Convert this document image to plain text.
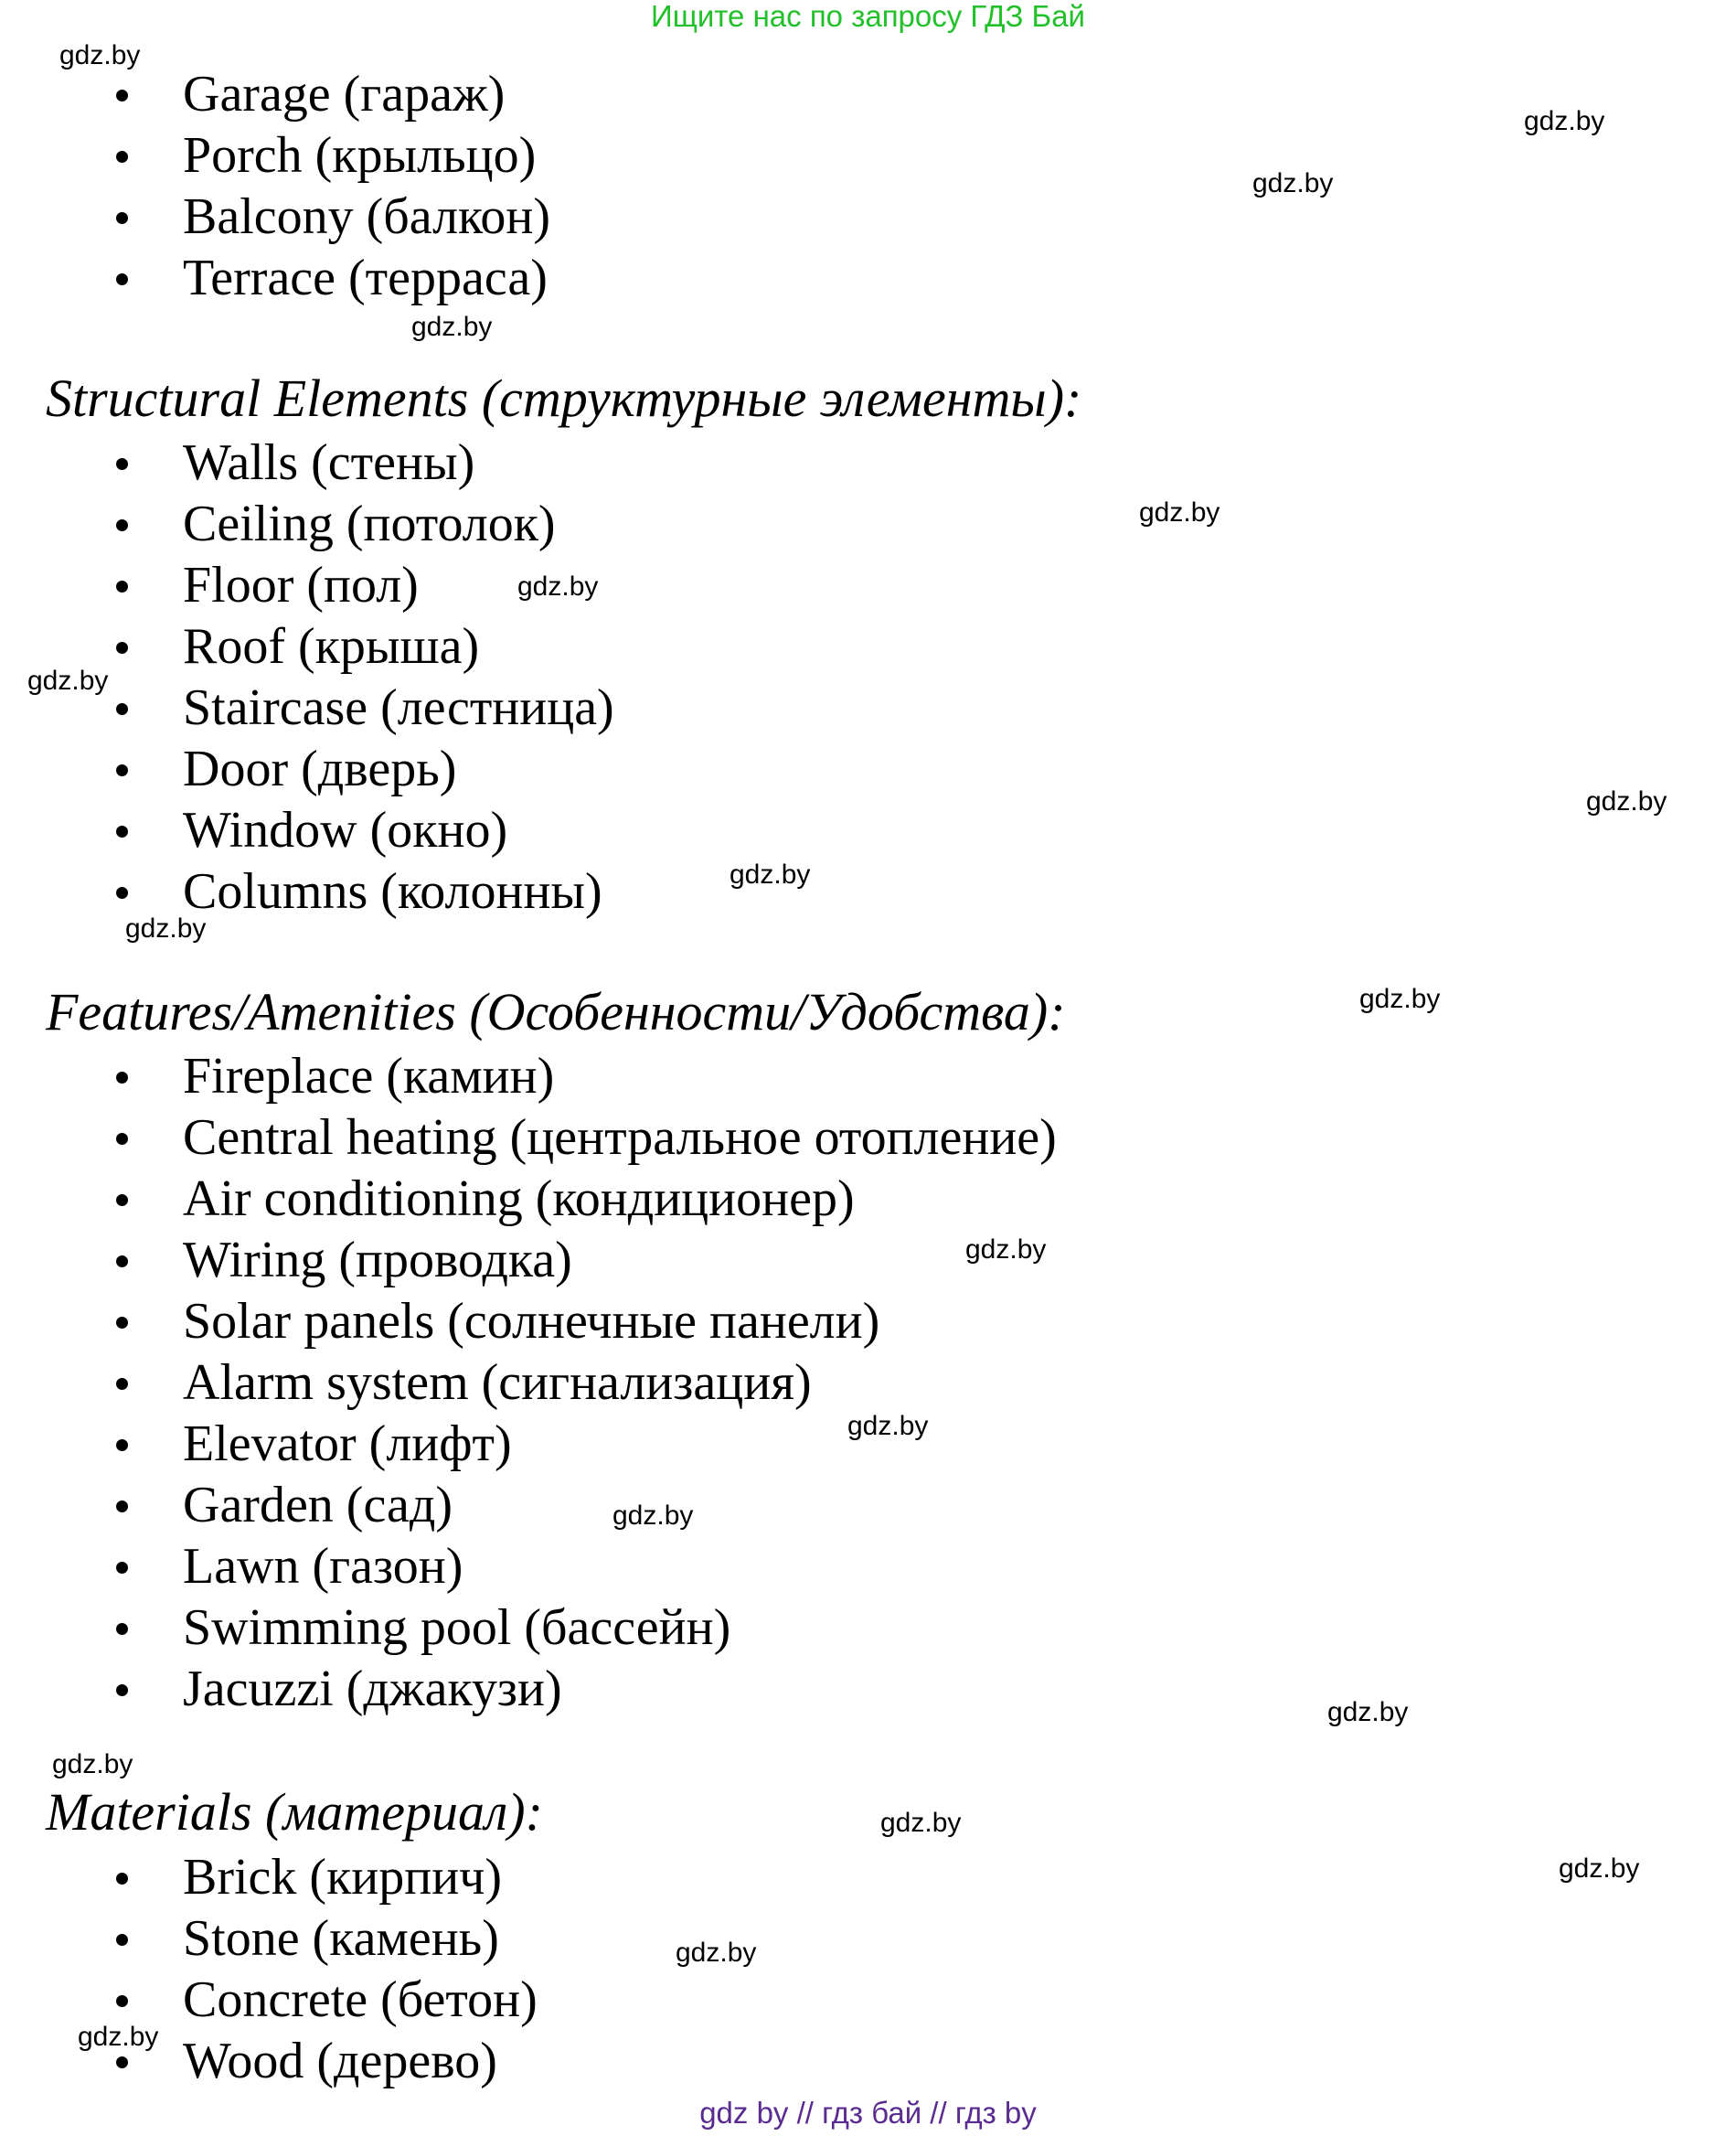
Ищите нас по запросу ГДЗ Бай
Garage (гараж)
Porch (крыльцо)
Balcony (балкон)
Terrace (терраса)
Structural Elements (структурные элементы):
Walls (стены)
Ceiling (потолок)
Floor (пол)
Roof (крыша)
Staircase (лестница)
Door (дверь)
Window (окно)
Columns (колонны)
Features/Amenities (Особенности/Удобства):
Fireplace (камин)
Central heating (центральное отопление)
Air conditioning (кондиционер)
Wiring (проводка)
Solar panels (солнечные панели)
Alarm system (сигнализация)
Elevator (лифт)
Garden (сад)
Lawn (газон)
Swimming pool (бассейн)
Jacuzzi (джакузи)
Materials (материал):
Brick (кирпич)
Stone (камень)
Concrete (бетон)
Wood (дерево)
gdz.by
gdz.by
gdz.by
gdz.by
gdz.by
gdz.by
gdz.by
gdz.by
gdz.by
gdz.by
gdz.by
gdz.by
gdz.by
gdz.by
gdz.by
gdz.by
gdz.by
gdz.by
gdz.by
gdz.by
gdz by // гдз бай // гдз by
